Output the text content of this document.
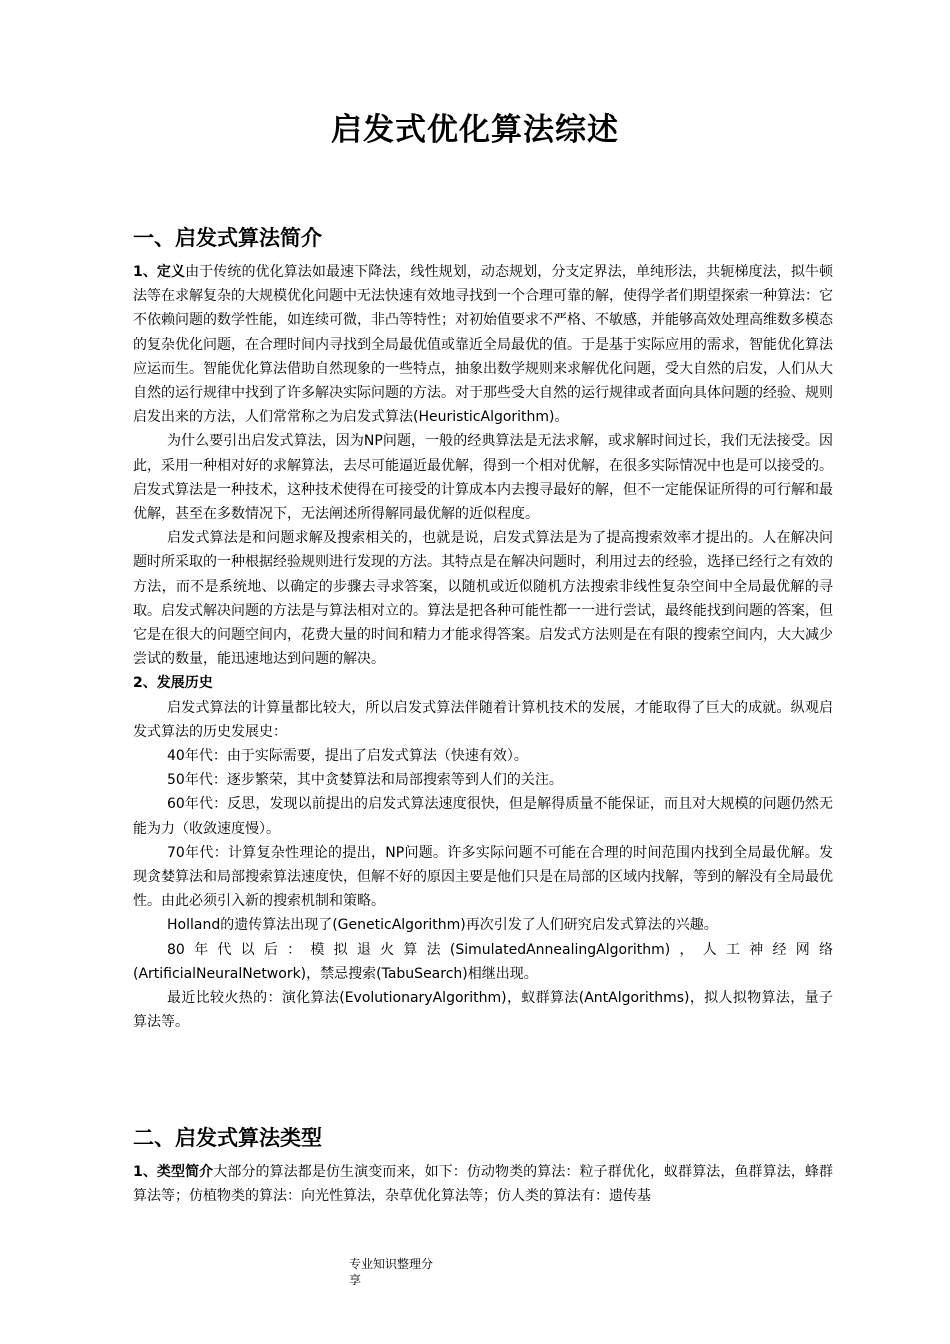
启发式优化算法综述
一、启发式算法简介

1、定义由于传统的优化算法如最速下降法，线性规划，动态规划，分支定界法，单纯形法，共轭梯度法，拟牛顿法等在求解复杂的大规模优化问题中无法快速有效地寻找到一个合理可靠的解，使得学者们期望探索一种算法：它不依赖问题的数学性能，如连续可微，非凸等特性；对初始值要求不严格、不敏感，并能够高效处理高维数多模态的复杂优化问题，在合理时间内寻找到全局最优值或靠近全局最优的值。于是基于实际应用的需求，智能优化算法应运而生。智能优化算法借助自然现象的一些特点，抽象出数学规则来求解优化问题，受大自然的启发，人们从大自然的运行规律中找到了许多解决实际问题的方法。对于那些受大自然的运行规律或者面向具体问题的经验、规则启发出来的方法，人们常常称之为启发式算法(HeuristicAlgorithm)。

为什么要引出启发式算法，因为NP问题，一般的经典算法是无法求解，或求解时间过长，我们无法接受。因此，采用一种相对好的求解算法，去尽可能逼近最优解，得到一个相对优解，在很多实际情况中也是可以接受的。启发式算法是一种技术，这种技术使得在可接受的计算成本内去搜寻最好的解，但不一定能保证所得的可行解和最优解，甚至在多数情况下，无法阐述所得解同最优解的近似程度。

启发式算法是和问题求解及搜索相关的，也就是说，启发式算法是为了提高搜索效率才提出的。人在解决问题时所采取的一种根据经验规则进行发现的方法。其特点是在解决问题时，利用过去的经验，选择已经行之有效的方法，而不是系统地、以确定的步骤去寻求答案，以随机或近似随机方法搜索非线性复杂空间中全局最优解的寻取。启发式解决问题的方法是与算法相对立的。算法是把各种可能性都一一进行尝试，最终能找到问题的答案，但它是在很大的问题空间内，花费大量的时间和精力才能求得答案。启发式方法则是在有限的搜索空间内，大大减少尝试的数量，能迅速地达到问题的解决。

2、发展历史

启发式算法的计算量都比较大，所以启发式算法伴随着计算机技术的发展，才能取得了巨大的成就。纵观启发式算法的历史发展史：

40年代：由于实际需要，提出了启发式算法（快速有效）。

50年代：逐步繁荣，其中贪婪算法和局部搜索等到人们的关注。

60年代：反思，发现以前提出的启发式算法速度很快，但是解得质量不能保证，而且对大规模的问题仍然无能为力（收敛速度慢）。

70年代：计算复杂性理论的提出，NP问题。许多实际问题不可能在合理的时间范围内找到全局最优解。发现贪婪算法和局部搜索算法速度快，但解不好的原因主要是他们只是在局部的区域内找解，等到的解没有全局最优性。由此必须引入新的搜索机制和策略。

Holland的遗传算法出现了(GeneticAlgorithm)再次引发了人们研究启发式算法的兴趣。

80年代以后：模拟退火算法(SimulatedAnnealingAlgorithm)，人工神经网络(ArtificialNeuralNetwork)，禁忌搜索(TabuSearch)相继出现。

最近比较火热的：演化算法(EvolutionaryAlgorithm)，蚁群算法(AntAlgorithms)，拟人拟物算法，量子算法等。

二、启发式算法类型

1、类型简介大部分的算法都是仿生演变而来，如下：仿动物类的算法：粒子群优化，蚁群算法，鱼群算法，蜂群算法等；仿植物类的算法：向光性算法，杂草优化算法等；仿人类的算法有：遗传基

专业知识整理分
享
